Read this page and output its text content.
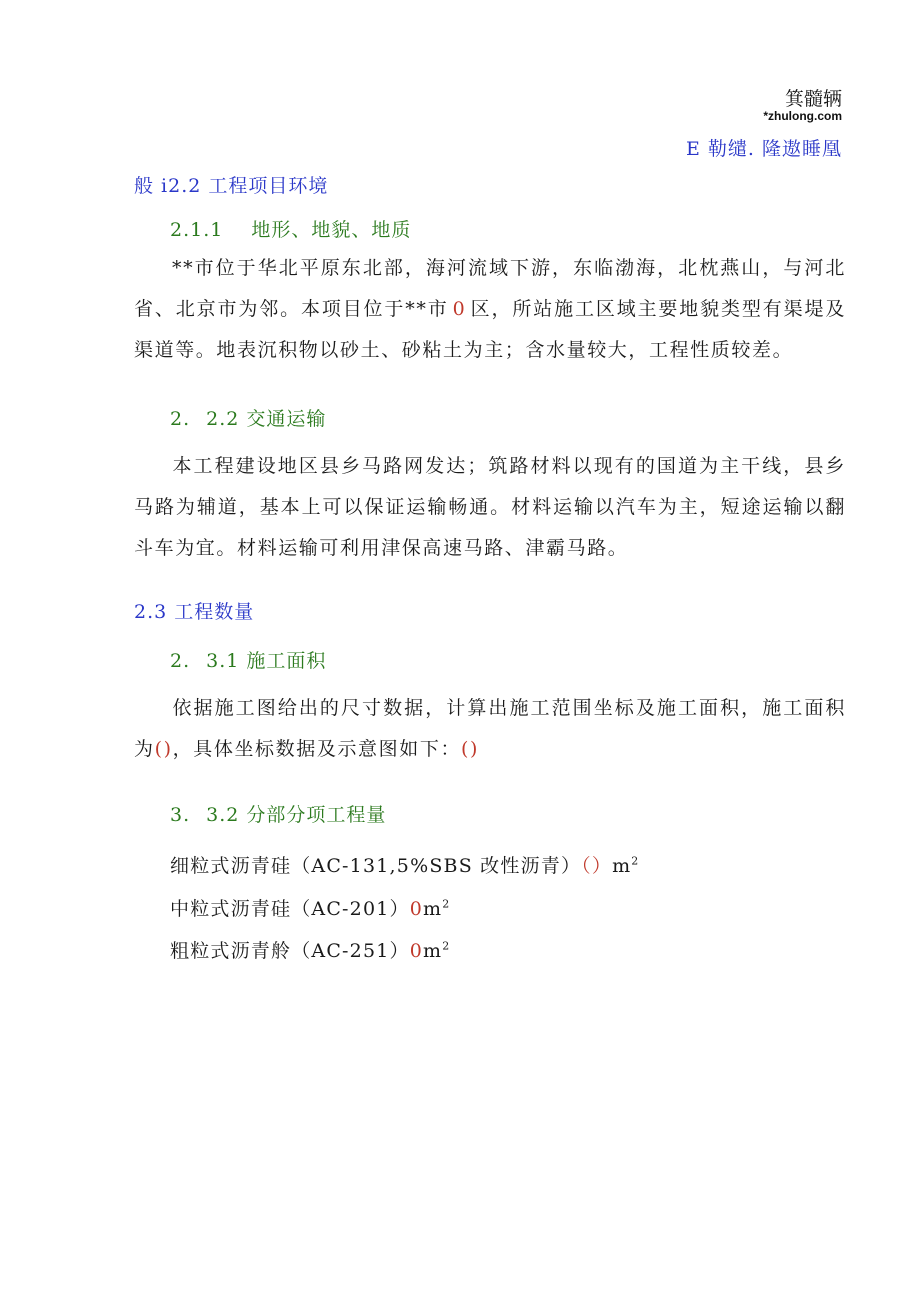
箕髓辆
*zhulong.com
E 勒缱. 隆遨睡凰
般 i2.2 工程项目环境
2.1.1 地形、地貌、地质
**市位于华北平原东北部，海河流域下游，东临渤海，北枕燕山，与河北省、北京市为邻。本项目位于**市 0 区，所站施工区域主要地貌类型有渠堤及渠道等。地表沉积物以砂土、砂粘土为主；含水量较大，工程性质较差。
2. 2.2 交通运输
本工程建设地区县乡马路网发达；筑路材料以现有的国道为主干线，县乡马路为辅道，基本上可以保证运输畅通。材料运输以汽车为主，短途运输以翻斗车为宜。材料运输可利用津保高速马路、津霸马路。
2.3 工程数量
2. 3.1 施工面积
依据施工图给出的尺寸数据，计算出施工范围坐标及施工面积，施工面积为()，具体坐标数据及示意图如下：()
3. 3.2 分部分项工程量
细粒式沥青硅（AC-131,5%SBS 改性沥青）$()m^2$
中粒式沥青硅$(AC-201)0m^2$
粗粒式沥青舲$(AC-251)0m^2$
